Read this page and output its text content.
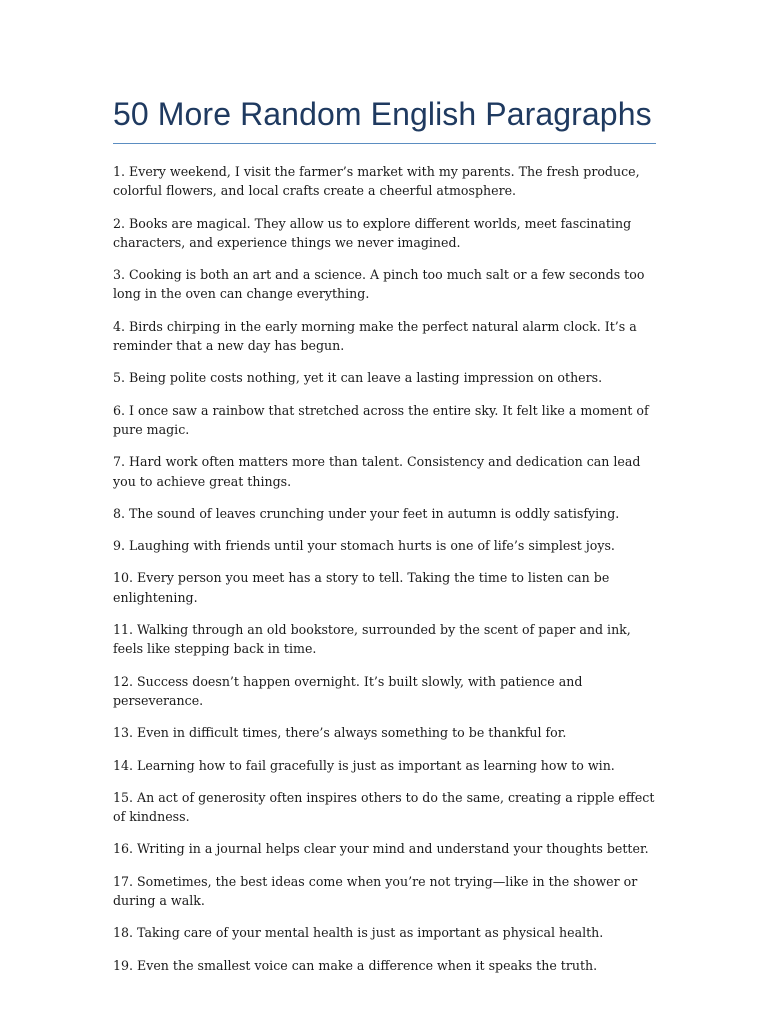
50 More Random English Paragraphs

1. Every weekend, I visit the farmer’s market with my parents. The fresh produce, colorful flowers, and local crafts create a cheerful atmosphere.

2. Books are magical. They allow us to explore different worlds, meet fascinating characters, and experience things we never imagined.

3. Cooking is both an art and a science. A pinch too much salt or a few seconds too long in the oven can change everything.

4. Birds chirping in the early morning make the perfect natural alarm clock. It’s a reminder that a new day has begun.

5. Being polite costs nothing, yet it can leave a lasting impression on others.

6. I once saw a rainbow that stretched across the entire sky. It felt like a moment of pure magic.

7. Hard work often matters more than talent. Consistency and dedication can lead you to achieve great things.

8. The sound of leaves crunching under your feet in autumn is oddly satisfying.

9. Laughing with friends until your stomach hurts is one of life’s simplest joys.

10. Every person you meet has a story to tell. Taking the time to listen can be enlightening.

11. Walking through an old bookstore, surrounded by the scent of paper and ink, feels like stepping back in time.

12. Success doesn’t happen overnight. It’s built slowly, with patience and perseverance.

13. Even in difficult times, there’s always something to be thankful for.

14. Learning how to fail gracefully is just as important as learning how to win.

15. An act of generosity often inspires others to do the same, creating a ripple effect of kindness.

16. Writing in a journal helps clear your mind and understand your thoughts better.

17. Sometimes, the best ideas come when you’re not trying—like in the shower or during a walk.

18. Taking care of your mental health is just as important as physical health.

19. Even the smallest voice can make a difference when it speaks the truth.
